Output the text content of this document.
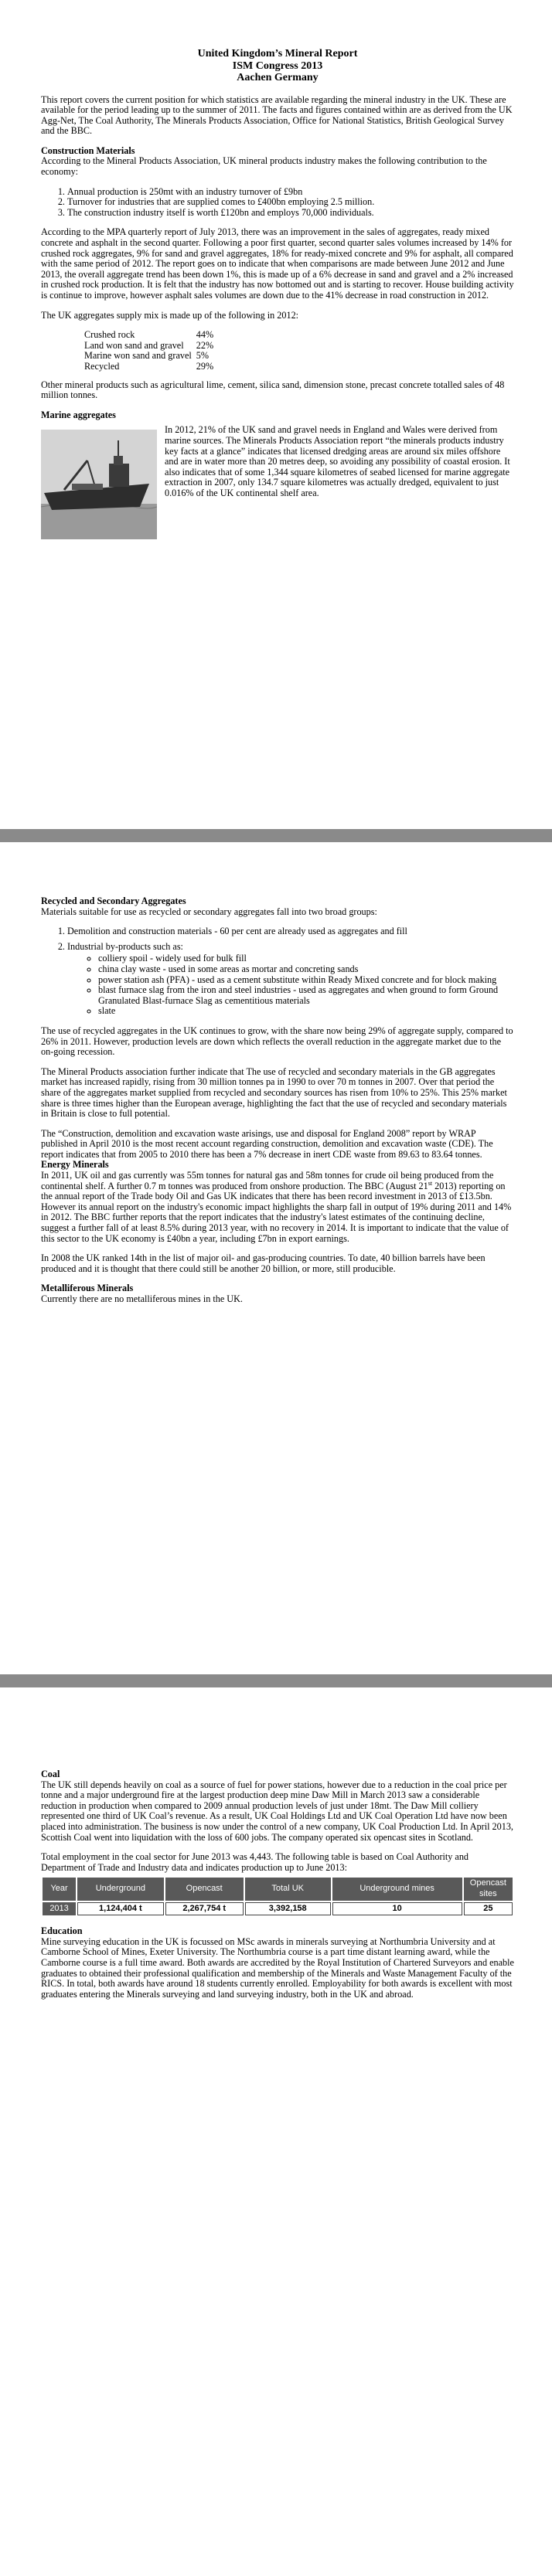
United Kingdom’s Mineral Report

ISM Congress 2013

Aachen Germany

This report covers the current position for which statistics are available regarding the mineral industry in the UK. These are available for the period leading up to the summer of 2011. The facts and figures contained within are as derived from the UK Agg-Net, The Coal Authority, The Minerals Products Association, Office for National Statistics, British Geological Survey and the BBC.

Construction Materials

According to the Mineral Products Association, UK mineral products industry makes the following contribution to the economy:

1. Annual production is 250mt with an industry turnover of £9bn
2. Turnover for industries that are supplied comes to £400bn employing 2.5 million.
3. The construction industry itself is worth £120bn and employs 70,000 individuals.

According to the MPA quarterly report of July 2013, there was an improvement in the sales of aggregates, ready mixed concrete and asphalt in the second quarter. Following a poor first quarter, second quarter sales volumes increased by 14% for crushed rock aggregates, 9% for sand and gravel aggregates, 18% for ready-mixed concrete and 9% for asphalt, all compared with the same period of 2012. The report goes on to indicate that when comparisons are made between June 2012 and June 2013, the overall aggregate trend has been down 1%, this is made up of a 6% decrease in sand and gravel and a 2% increased in crushed rock production. It is felt that the industry has now bottomed out and is starting to recover. House building activity is continue to improve, however asphalt sales volumes are down due to the 41% decrease in road construction in 2012.

The UK aggregates supply mix is made up of the following in 2012:

Crushed rock	44%
Land won sand and gravel	22%
Marine won sand and gravel	5%
Recycled	29%

Other mineral products such as agricultural lime, cement, silica sand, dimension stone, precast concrete totalled sales of 48 million tonnes.

Marine aggregates

In 2012, 21% of the UK sand and gravel needs in England and Wales were derived from marine sources. The Minerals Products Association report “the minerals products industry key facts at a glance” indicates that licensed dredging areas are around six miles offshore and are in water more than 20 metres deep, so avoiding any possibility of coastal erosion. It also indicates that of some 1,344 square kilometres of seabed licensed for marine aggregate extraction in 2007, only 134.7 square kilometres was actually dredged, equivalent to just 0.016% of the UK continental shelf area.

Recycled and Secondary Aggregates

Materials suitable for use as recycled or secondary aggregates fall into two broad groups:

1. Demolition and construction materials - 60 per cent are already used as aggregates and fill
2. Industrial by-products such as:
◦ colliery spoil - widely used for bulk fill
◦ china clay waste - used in some areas as mortar and concreting sands
◦ power station ash (PFA) - used as a cement substitute within Ready Mixed concrete and for block making
◦ blast furnace slag from the iron and steel industries - used as aggregates and when ground to form Ground Granulated Blast-furnace Slag as cementitious materials
◦ slate

The use of recycled aggregates in the UK continues to grow, with the share now being 29% of aggregate supply, compared to 26% in 2011. However, production levels are down which reflects the overall reduction in the aggregate market due to the on-going recession.

The Mineral Products association further indicate that The use of recycled and secondary materials in the GB aggregates market has increased rapidly, rising from 30 million tonnes pa in 1990 to over 70 m tonnes in 2007. Over that period the share of the aggregates market supplied from recycled and secondary sources has risen from 10% to 25%. This 25% market share is three times higher than the European average, highlighting the fact that the use of recycled and secondary materials in Britain is close to full potential.

The “Construction, demolition and excavation waste arisings, use and disposal for England 2008” report by WRAP published in April 2010 is the most recent account regarding construction, demolition and excavation waste (CDE). The report indicates that from 2005 to 2010 there has been a 7% decrease in inert CDE waste from 89.63 to 83.64 tonnes.

Energy Minerals

In 2011, UK oil and gas currently was 55m tonnes for natural gas and 58m tonnes for crude oil being produced from the continental shelf. A further 0.7 m tonnes was produced from onshore production. The BBC (August 21st 2013) reporting on the annual report of the Trade body Oil and Gas UK indicates that there has been record investment in 2013 of £13.5bn. However its annual report on the industry's economic impact highlights the sharp fall in output of 19% during 2011 and 14% in 2012. The BBC further reports that the report indicates that the industry's latest estimates of the continuing decline, suggest a further fall of at least 8.5% during 2013 year, with no recovery in 2014. It is important to indicate that the value of this sector to the UK economy is £40bn a year, including £7bn in export earnings.

In 2008 the UK ranked 14th in the list of major oil- and gas-producing countries. To date, 40 billion barrels have been produced and it is thought that there could still be another 20 billion, or more, still producible.

Metalliferous Minerals

Currently there are no metalliferous mines in the UK.

Coal

The UK still depends heavily on coal as a source of fuel for power stations, however due to a reduction in the coal price per tonne and a major underground fire at the largest production deep mine Daw Mill in March 2013 saw a considerable reduction in production when compared to 2009 annual production levels of just under 18mt. The Daw Mill colliery represented one third of UK Coal’s revenue. As a result, UK Coal Holdings Ltd and UK Coal Operation Ltd have now been placed into administration. The business is now under the control of a new company, UK Coal Production Ltd. In April 2013, Scottish Coal went into liquidation with the loss of 600 jobs. The company operated six opencast sites in Scotland.

Total employment in the coal sector for June 2013 was 4,443. The following table is based on Coal Authority and Department of Trade and Industry data and indicates production up to June 2013:

Year	Underground	Opencast	Total UK	Underground mines	Opencast sites
2013	1,124,404 t	2,267,754 t	3,392,158	10	25

Education

Mine surveying education in the UK is focussed on MSc awards in minerals surveying at Northumbria University and at Camborne School of Mines, Exeter University. The Northumbria course is a part time distant learning award, while the Camborne course is a full time award. Both awards are accredited by the Royal Institution of Chartered Surveyors and enable graduates to obtained their professional qualification and membership of the Minerals and Waste Management Faculty of the RICS. In total, both awards have around 18 students currently enrolled. Employability for both awards is excellent with most graduates entering the Minerals surveying and land surveying industry, both in the UK and abroad.
